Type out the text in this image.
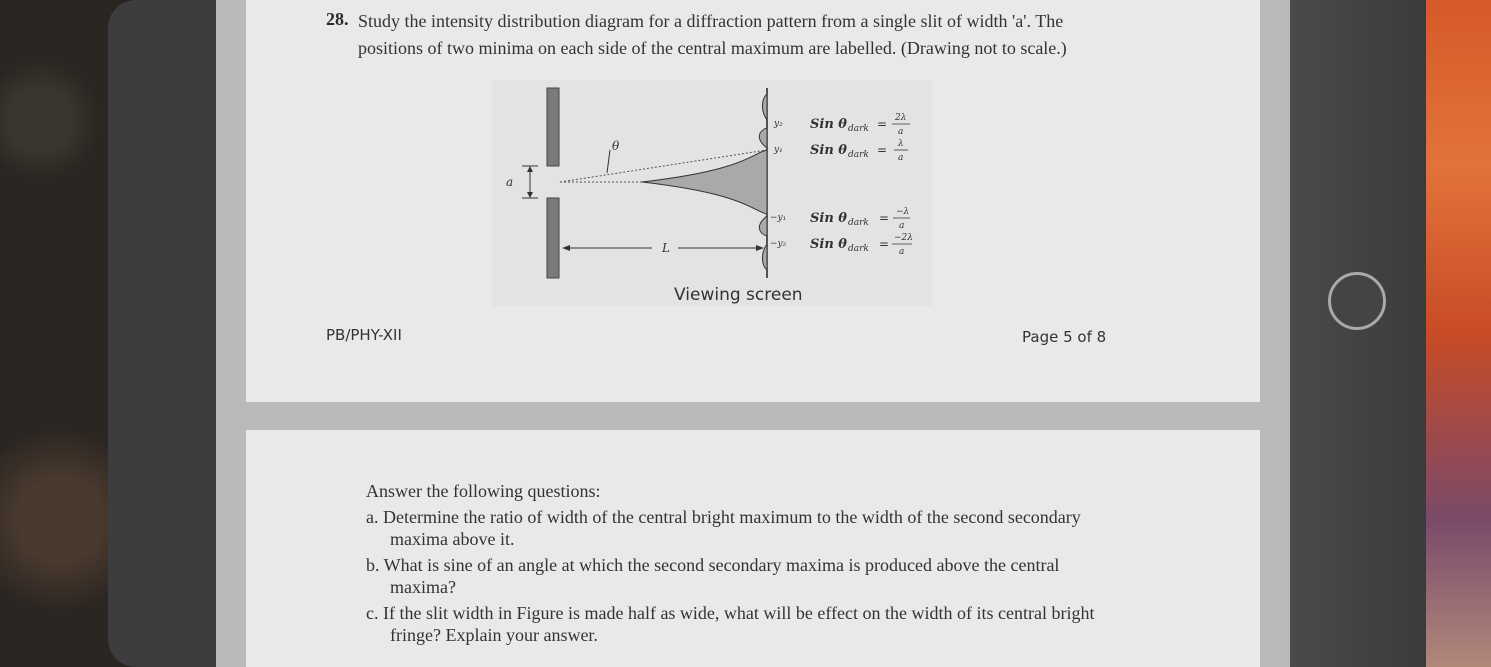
28. Study the intensity distribution diagram for a diffraction pattern from a single slit of width 'a'. The
positions of two minima on each side of the central maximum are labelled. (Drawing not to scale.)
a
θ
L
y₂ Sin θ dark = 2λ
a
y₁ Sin θ dark = λ
a
−y₁ Sin θ dark = −λ
a
−y₂ Sin θ dark = −2λ
a
Viewing screen
PB/PHY-XII	Page 5 of 8
Answer the following questions:
a. Determine the ratio of width of the central bright maximum to the width of the second secondary
maxima above it.
b. What is sine of an angle at which the second secondary maxima is produced above the central
maxima?
c. If the slit width in Figure is made half as wide, what will be effect on the width of its central bright
fringe? Explain your answer.
